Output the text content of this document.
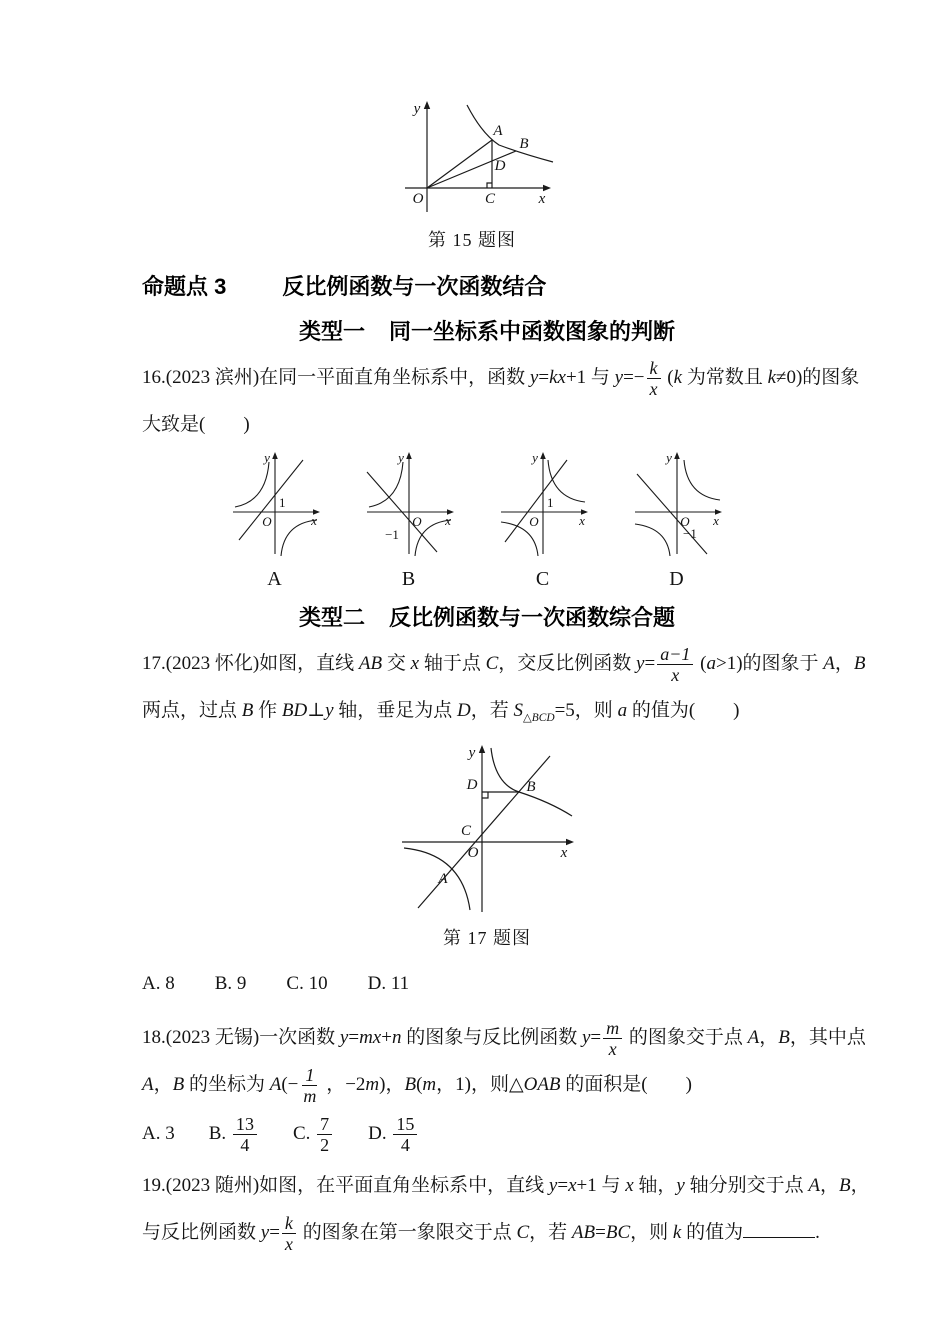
y
x
O
A
B
C
D
第 15 题图
命题点 3	反比例函数与一次函数结合
类型一 同一坐标系中函数图象的判断

16.(2023 滨州)在同一平面直角坐标系中，函数 y=kx+1 与 $y=- \frac{k}{x} (k$ 为常数且 k≠0)的图象

大致是(　　)

y
x
O
1
A
y
x
O
−1
B
y
x
O
1
C
y
x
O
−1
D
类型二 反比例函数与一次函数综合题

17.(2023 怀化)如图，直线 AB 交 x 轴于点 C，交反比例函数 $y= \frac{a-1}{x} (a>1)$的图象于 A，B

两点，过点 B 作 BD⊥y 轴，垂足为点 D，若 $S_{\triangle BCD}=5$，则 a 的值为(　　)

y
x
O
A
B
C
D
第 17 题图

A. 8 B. 9 C. 10 D. 11

18.(2023 无锡)一次函数 y=mx+n 的图象与反比例函数 $y= \frac{m}{x}$ 的图象交于点 A，B，其中点

A，B 的坐标为 $A(- \frac{1}{m}$ ，−2m)，B(m，1)，则△OAB 的面积是(　　)

A. 3 B. $\frac{13}{4} C$. $\frac{7}{2} D$. $\frac{15}{4}$

19.(2023 随州)如图，在平面直角坐标系中，直线 y=x+1 与 x 轴，y 轴分别交于点 A，B，

与反比例函数 $y= \frac{k}{x}$ 的图象在第一象限交于点 C，若 AB=BC，则 k 的值为	.
